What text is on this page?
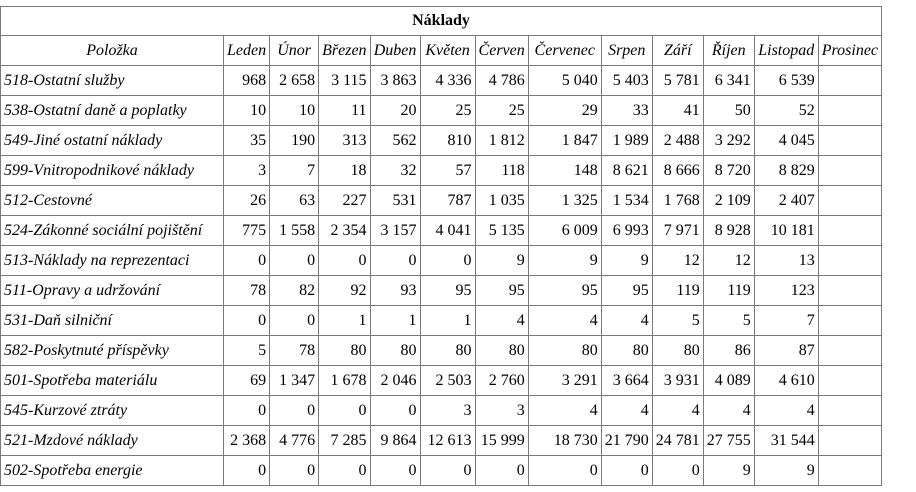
Náklady												
Položka	Leden	Únor	Březen	Duben	Květen	Červen	Červenec	Srpen	Září	Říjen	Listopad	Prosinec
518-Ostatní služby	968	2 658	3 115	3 863	4 336	4 786	5 040	5 403	5 781	6 341	6 539	
538-Ostatní daně a poplatky	10	10	11	20	25	25	29	33	41	50	52	
549-Jiné ostatní náklady	35	190	313	562	810	1 812	1 847	1 989	2 488	3 292	4 045	
599-Vnitropodnikové náklady	3	7	18	32	57	118	148	8 621	8 666	8 720	8 829	
512-Cestovné	26	63	227	531	787	1 035	1 325	1 534	1 768	2 109	2 407	
524-Zákonné sociální pojištění	775	1 558	2 354	3 157	4 041	5 135	6 009	6 993	7 971	8 928	10 181	
513-Náklady na reprezentaci	0	0	0	0	0	9	9	9	12	12	13	
511-Opravy a udržování	78	82	92	93	95	95	95	95	119	119	123	
531-Daň silniční	0	0	1	1	1	4	4	4	5	5	7	
582-Poskytnuté příspěvky	5	78	80	80	80	80	80	80	80	86	87	
501-Spotřeba materiálu	69	1 347	1 678	2 046	2 503	2 760	3 291	3 664	3 931	4 089	4 610	
545-Kurzové ztráty	0	0	0	0	3	3	4	4	4	4	4	
521-Mzdové náklady	2 368	4 776	7 285	9 864	12 613	15 999	18 730	21 790	24 781	27 755	31 544	
502-Spotřeba energie	0	0	0	0	0	0	0	0	0	9	9	
